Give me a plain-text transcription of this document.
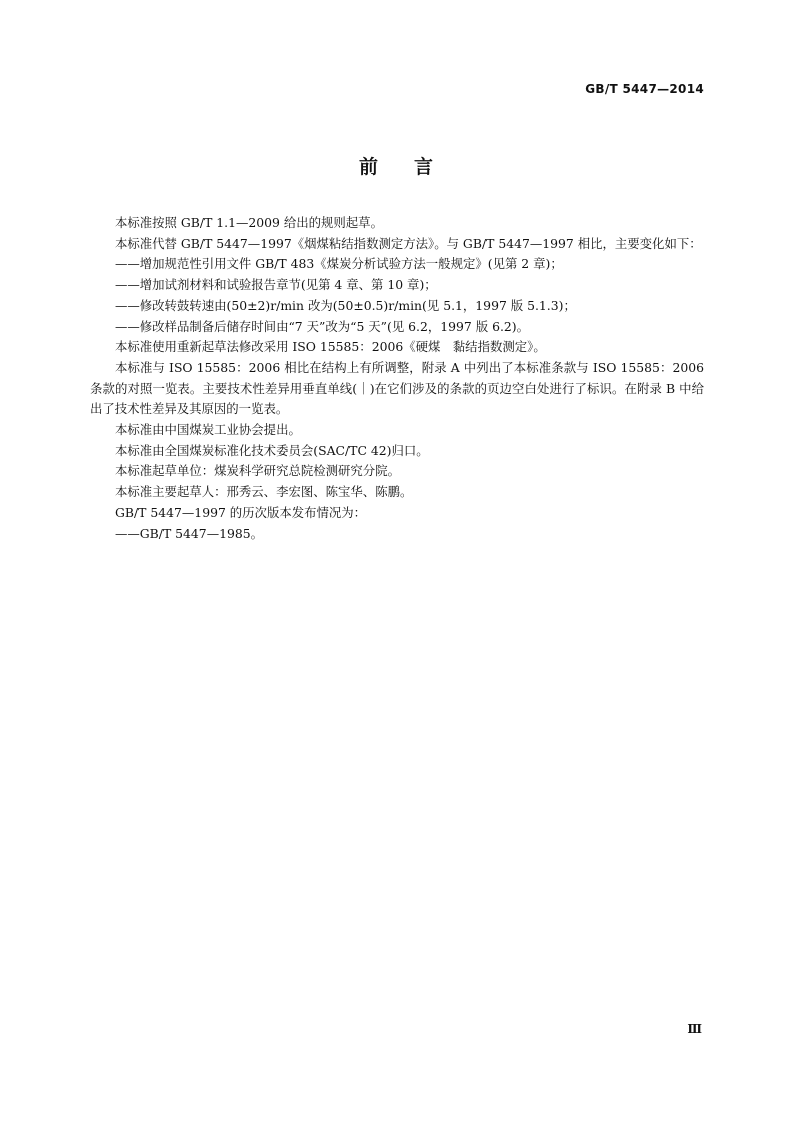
GB/T 5447—2014
前 言

本标准按照 GB/T 1.1—2009 给出的规则起草。

本标准代替 GB/T 5447—1997《烟煤粘结指数测定方法》。与 GB/T 5447—1997 相比，主要变化如下：

——增加规范性引用文件 GB/T 483《煤炭分析试验方法一般规定》(见第 2 章)；

——增加试剂材料和试验报告章节(见第 4 章、第 10 章)；

——修改转鼓转速由(50±2)r/min 改为(50±0.5)r/min(见 5.1，1997 版 5.1.3)；

——修改样品制备后储存时间由“7 天”改为“5 天”(见 6.2，1997 版 6.2)。

本标准使用重新起草法修改采用 ISO 15585：2006《硬煤　黏结指数测定》。

本标准与 ISO 15585：2006 相比在结构上有所调整，附录 A 中列出了本标准条款与 ISO 15585：2006 条款的对照一览表。主要技术性差异用垂直单线(｜)在它们涉及的条款的页边空白处进行了标识。在附录 B 中给出了技术性差异及其原因的一览表。

本标准由中国煤炭工业协会提出。

本标准由全国煤炭标准化技术委员会(SAC/TC 42)归口。

本标准起草单位：煤炭科学研究总院检测研究分院。

本标准主要起草人：邢秀云、李宏图、陈宝华、陈鹏。

GB/T 5447—1997 的历次版本发布情况为：

——GB/T 5447—1985。

Ⅲ
